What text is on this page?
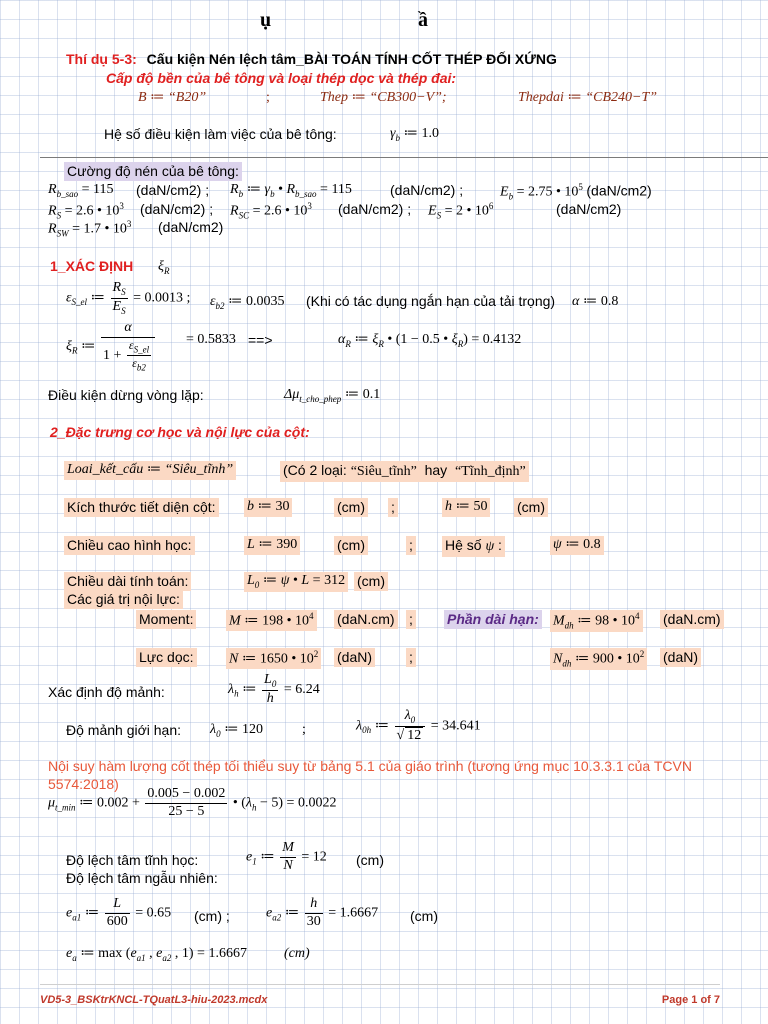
ụ	ầ
Thí dụ 5-3: Cấu kiện Nén lệch tâm_BÀI TOÁN TÍNH CỐT THÉP ĐỐI XỨNG
Cấp độ bền của bê tông và loại thép dọc và thép đai:
B ≔ “B20”	;	Thep ≔ “CB300−V”;	Thepdai ≔ “CB240−T”
Hệ số điều kiện làm việc của bê tông:	$\gamma_b$ ≔ 1.0
Cường độ nén của bê tông:
$R_{b\_sao} = 115$ (daN/cm2) ; $R_b$ ≔ $\gamma_b$ • $R_{b\_sao} = 115$	(daN/cm2) ;	$E_b = 2.75$ • $10^5$ (daN/cm2)
$R_S = 2.6$ • $10^3$ (daN/cm2) ; $R_{SC} = 2.6$ • $10^3$ (daN/cm2) ; $E_S = 2$ • $10^6$	(daN/cm2)
$R_{SW} = 1.7$ • $10^3$ (daN/cm2)
1_XÁC ĐỊNH $\xi_R$
$\varepsilon_{S\_el}$ ≔ $\frac{R_S}{E_S} = 0.0013$ ; $\varepsilon_{b2}$ ≔ 0.0035 (Khi có tác dụng ngắn hạn của tải trọng) α ≔ 0.8
$\xi_R$ ≔ $\frac{\alpha}{1 + \frac{\varepsilon_{S\_el}}{\varepsilon_{b2}}} = 0.5833$ ==>	$\alpha_R$ ≔ $\xi_R$ • (1 − 0.5 • $\xi_R) = 0.4132$
Điều kiện dừng vòng lặp:	$\Delta\mu_{t\_cho\_phep}$ ≔ 0.1
2_Đặc trưng cơ học và nội lực của cột:
Loai_kết_cấu ≔ “Siêu_tĩnh”	(Có 2 loại: “Siêu_tĩnh” hay “Tĩnh_định”
Kích thước tiết diện cột: b ≔ 30	(cm) ;	h ≔ 50 (cm)
Chiều cao hình học:	L ≔ 390	(cm)	; Hệ số ψ :	ψ ≔ 0.8
Chiều dài tính toán:	$L_0$ ≔ ψ • L = 312 (cm)
Các giá trị nội lực:
Moment:	M ≔ 198 • $10^4$ (daN.cm) ; Phần dài hạn: $M_{dh}$ ≔ 98 • $10^4$ (daN.cm)
Lực dọc:	N ≔ 1650 • $10^2$ (daN)	;	$N_{dh}$ ≔ 900 • $10^2$ (daN)
Xác định độ mảnh:	$\lambda_h$ ≔ $\frac{L_0}{h} = 6.24$
Độ mảnh giới hạn: $\lambda_0$ ≔ 120	;	$\lambda_{0h}$ ≔ $\frac{\lambda_0}{√ 12} = 34.641$
Nội suy hàm lượng cốt thép tối thiểu suy từ bảng 5.1 của giáo trình (tương ứng mục 10.3.3.1 của TCVN
5574:2018)
$\mu_{t\_min}$ ≔ $0.002 + \frac{0.005 - 0.002}{25 - 5}$ • $(\lambda_h - 5) = 0.0022$
Độ lệch tâm tĩnh học:	$e_1$ ≔ $\frac{M}{N} = 12$ (cm)
Độ lệch tâm ngẫu nhiên:
$e_{a1}$ ≔ $\frac{L}{600} = 0.65$ (cm) ;	$e_{a2}$ ≔ $\frac{h}{30} = 1.6667$ (cm)
$e_a$ ≔ $\max (e_{a1}$ , $e_{a2}$ , 1) = 1.6667	(cm)
VD5-3_BSKtrKNCL-TQuatL3-hiu-2023.mcdx	Page 1 of 7
